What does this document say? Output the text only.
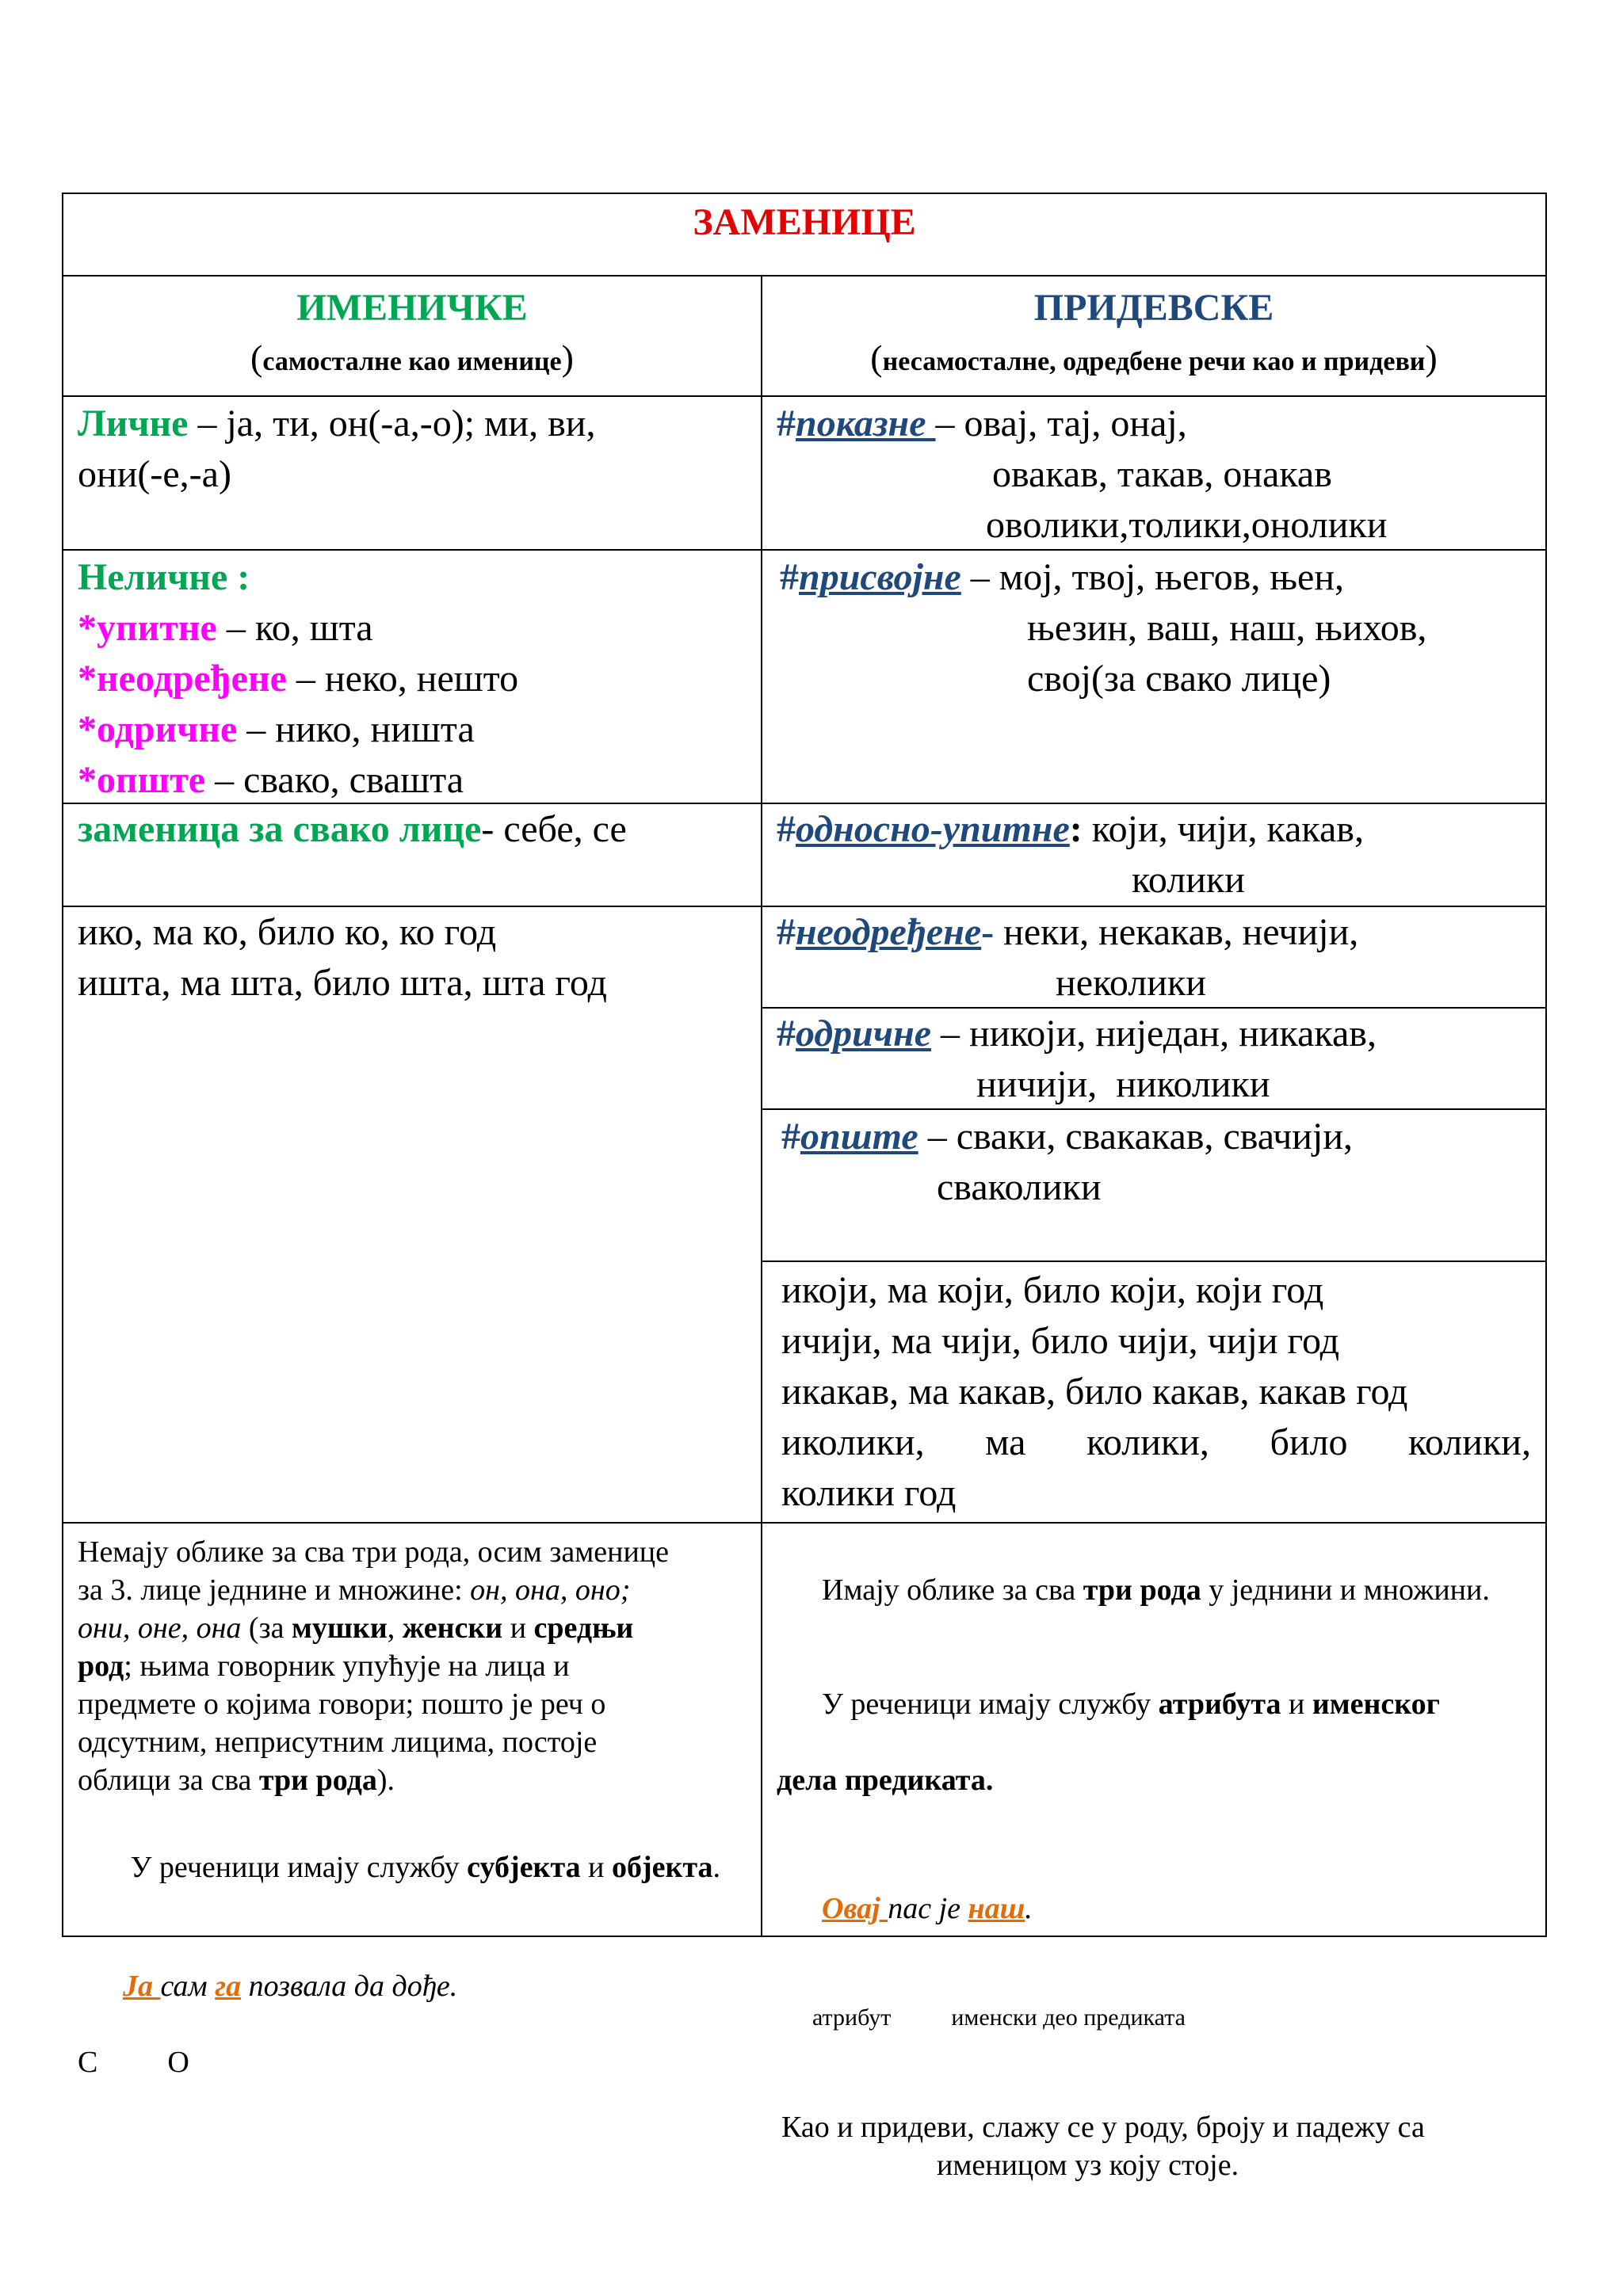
ЗАМЕНИЦЕ
ИМЕНИЧКЕ
(самосталне као именице)
ПРИДЕВСКЕ
(несамосталне, одредбене речи као и придеви)
Личне – ја, ти, он(-а,-о); ми, ви,
они(-е,-а)
#показне – овај, тај, онај,
овакав, такав, онакав
оволики,толики,онолики
Неличне :
*упитне – ко, шта
*неодређене – неко, нешто
*одричне – нико, ништа
*опште – свако, свашта
#присвојне – мој, твој, његов, њен,
њезин, ваш, наш, њихов,
свој(за свако лице)
заменица за свако лице- себе, се	#односно-упитне: који, чији, какав,
колики
ико, ма ко, било ко, ко год
ишта, ма шта, било шта, шта год
#неодређене- неки, некакав, нечији,
неколики
#одричне – никоји, ниједан, никакав,
ничији,  николики
#опште – сваки, свакакав, свачији,
сваколики
икоји, ма који, било који, који год
ичији, ма чији, било чији, чији год
икакав, ма какав, било какав, какав год
иколики, ма колики, било колики,
колики год
Немају облике за сва три рода, осим заменице
за 3. лице једнине и множине: он, она, оно;
они, оне, она (за мушки, женски и средњи
род; њима говорник упућује на лица и
предмете о којима говори; пошто је реч о
одсутним, неприсутним лицима, постоје
облици за сва три рода).

У реченици имају службу субјекта и објекта.

Ја сам га позвала да дође.

С О

Имају облике за сва три рода у једнини и множини.

У реченици имају службу атрибута и именског

дела предиката.

Овај пас је наш.

атрибут	именски део предиката

Као и придеви, слажу се у роду, броју и падежу са
именицом уз коју стоје.
